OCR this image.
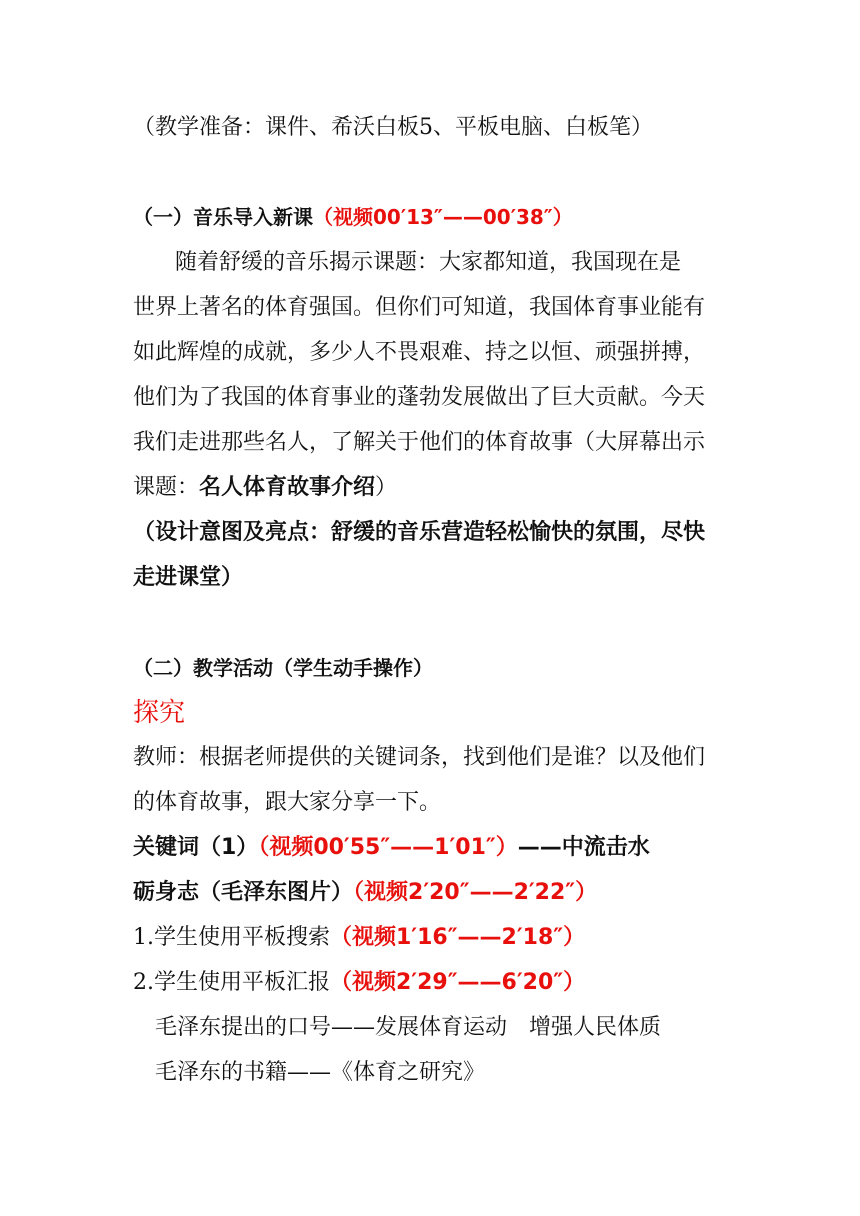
（教学准备：课件、希沃白板5、平板电脑、白板笔）
（一）音乐导入新课（视频00′13″——00′38″）
随着舒缓的音乐揭示课题：大家都知道，我国现在是
世界上著名的体育强国。但你们可知道，我国体育事业能有
如此辉煌的成就，多少人不畏艰难、持之以恒、顽强拼搏，
他们为了我国的体育事业的蓬勃发展做出了巨大贡献。今天
我们走进那些名人，了解关于他们的体育故事（大屏幕出示
课题：名人体育故事介绍）
（设计意图及亮点：舒缓的音乐营造轻松愉快的氛围，尽快
走进课堂）
（二）教学活动（学生动手操作）
探究
教师：根据老师提供的关键词条，找到他们是谁？以及他们
的体育故事，跟大家分享一下。
关键词（1）（视频00′55″——1′01″）——中流击水
砺身志（毛泽东图片）（视频2′20″——2′22″）
1.学生使用平板搜索（视频1′16″——2′18″）
2.学生使用平板汇报（视频2′29″——6′20″）
毛泽东提出的口号——发展体育运动　增强人民体质
毛泽东的书籍——《体育之研究》
